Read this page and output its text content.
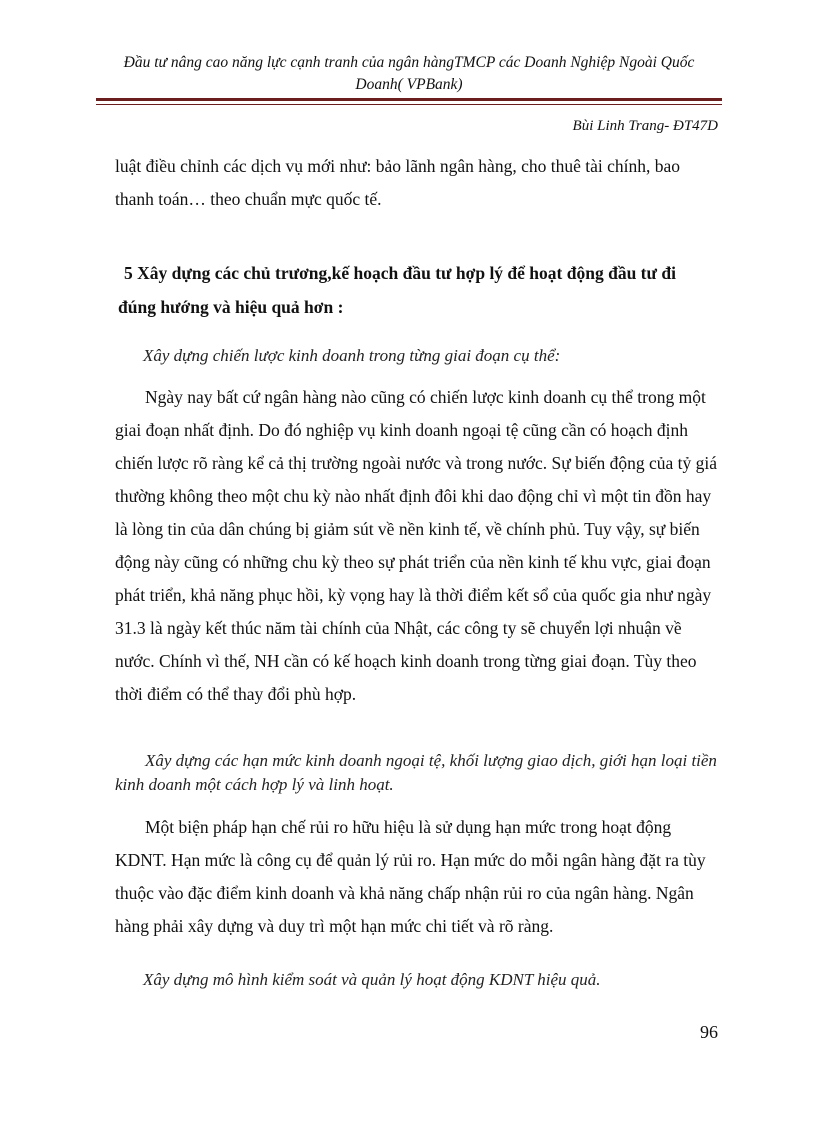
Đầu tư nâng cao năng lực cạnh tranh của ngân hàngTMCP các Doanh Nghiệp Ngoài Quốc Doanh( VPBank)
Bùi Linh Trang- ĐT47D
luật điều chỉnh các dịch vụ mới như: bảo lãnh ngân hàng, cho thuê tài chính, bao thanh toán… theo chuẩn mực quốc tế.
5 Xây dựng các chủ trương,kế hoạch đầu tư hợp lý để hoạt động đầu tư đi
đúng hướng và hiệu quả hơn :
Xây dựng chiến lược kinh doanh trong từng giai đoạn cụ thể:
Ngày nay bất cứ ngân hàng nào cũng có chiến lược kinh doanh cụ thể trong một giai đoạn nhất định. Do đó nghiệp vụ kinh doanh ngoại tệ cũng cần có hoạch định chiến lược rõ ràng kể cả thị trường ngoài nước và trong nước. Sự biến động của tỷ giá thường không theo một chu kỳ nào nhất định đôi khi dao động chỉ vì một tin đồn hay là lòng tin của dân chúng bị giảm sút về nền kinh tế, về chính phủ. Tuy vậy, sự biến động này cũng có những chu kỳ theo sự phát triển của nền kinh tế khu vực, giai đoạn phát triển, khả năng phục hồi, kỳ vọng hay là thời điểm kết sổ của quốc gia như ngày 31.3 là ngày kết thúc năm tài chính của Nhật, các công ty sẽ chuyển lợi nhuận về nước. Chính vì thế, NH cần có kế hoạch kinh doanh trong từng giai đoạn. Tùy theo thời điểm có thể thay đổi phù hợp.
Xây dựng các hạn mức kinh doanh ngoại tệ, khối lượng giao dịch, giới hạn loại tiền kinh doanh một cách hợp lý và linh hoạt.
Một biện pháp hạn chế rủi ro hữu hiệu là sử dụng hạn mức trong hoạt động KDNT. Hạn mức là công cụ để quản lý rủi ro. Hạn mức do mỗi ngân hàng đặt ra tùy thuộc vào đặc điểm kinh doanh và khả năng chấp nhận rủi ro của ngân hàng. Ngân hàng phải xây dựng và duy trì một hạn mức chi tiết và rõ ràng.
Xây dựng mô hình kiểm soát và quản lý hoạt động KDNT hiệu quả.
96
